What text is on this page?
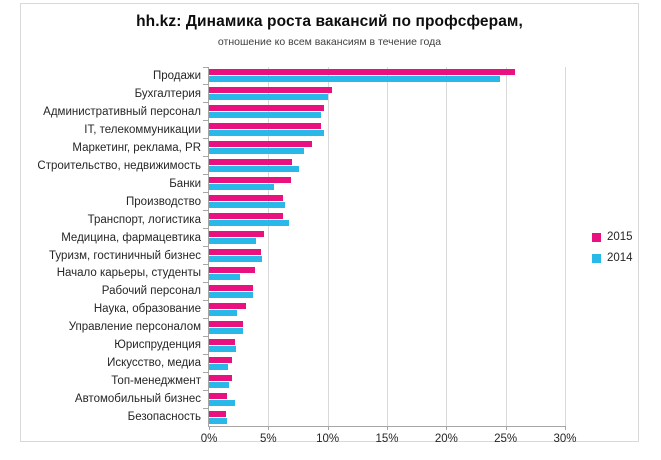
hh.kz: Динамика роста вакансий по профсферам,
отношение ко всем вакансиям в течение года
Продажи
Бухгалтерия
Административный персонал
IT, телекоммуникации
Маркетинг, реклама, PR
Строительство, недвижимость
Банки
Производство
Транспорт, логистика
Медицина, фармацевтика
Туризм, гостиничный бизнес
Начало карьеры, студенты
Рабочий персонал
Наука, образование
Управление персоналом
Юриспруденция
Искусство, медиа
Топ-менеджмент
Автомобильный бизнес
Безопасность
0%	5%	10%	15%	20%	25%	30%
2015
2014
